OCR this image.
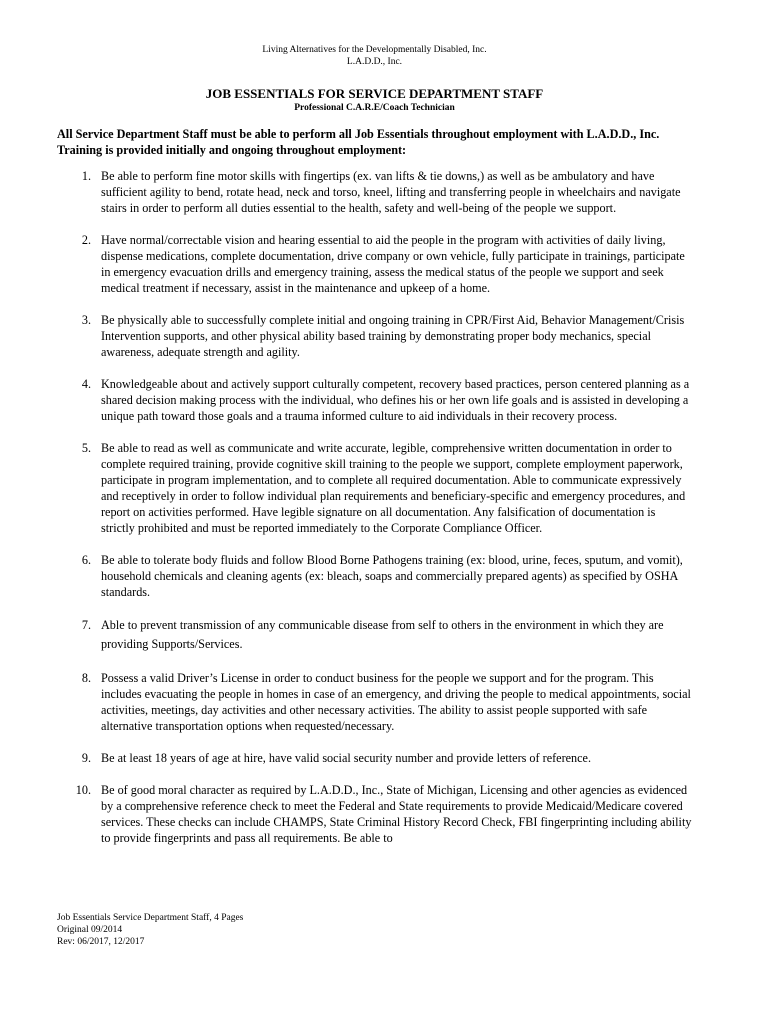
Living Alternatives for the Developmentally Disabled, Inc.
L.A.D.D., Inc.
JOB ESSENTIALS FOR SERVICE DEPARTMENT STAFF
Professional C.A.R.E/Coach Technician
All Service Department Staff must be able to perform all Job Essentials throughout employment with L.A.D.D., Inc. Training is provided initially and ongoing throughout employment:
1. Be able to perform fine motor skills with fingertips (ex. van lifts & tie downs,) as well as be ambulatory and have sufficient agility to bend, rotate head, neck and torso, kneel, lifting and transferring people in wheelchairs and navigate stairs in order to perform all duties essential to the health, safety and well-being of the people we support.
2. Have normal/correctable vision and hearing essential to aid the people in the program with activities of daily living, dispense medications, complete documentation, drive company or own vehicle, fully participate in trainings, participate in emergency evacuation drills and emergency training, assess the medical status of the people we support and seek medical treatment if necessary, assist in the maintenance and upkeep of a home.
3. Be physically able to successfully complete initial and ongoing training in CPR/First Aid, Behavior Management/Crisis Intervention supports, and other physical ability based training by demonstrating proper body mechanics, special awareness, adequate strength and agility.
4. Knowledgeable about and actively support culturally competent, recovery based practices, person centered planning as a shared decision making process with the individual, who defines his or her own life goals and is assisted in developing a unique path toward those goals and a trauma informed culture to aid individuals in their recovery process.
5. Be able to read as well as communicate and write accurate, legible, comprehensive written documentation in order to complete required training, provide cognitive skill training to the people we support, complete employment paperwork, participate in program implementation, and to complete all required documentation. Able to communicate expressively and receptively in order to follow individual plan requirements and beneficiary-specific and emergency procedures, and report on activities performed. Have legible signature on all documentation. Any falsification of documentation is strictly prohibited and must be reported immediately to the Corporate Compliance Officer.
6. Be able to tolerate body fluids and follow Blood Borne Pathogens training (ex: blood, urine, feces, sputum, and vomit), household chemicals and cleaning agents (ex: bleach, soaps and commercially prepared agents) as specified by OSHA standards.
7. Able to prevent transmission of any communicable disease from self to others in the environment in which they are providing Supports/Services.
8. Possess a valid Driver’s License in order to conduct business for the people we support and for the program. This includes evacuating the people in homes in case of an emergency, and driving the people to medical appointments, social activities, meetings, day activities and other necessary activities. The ability to assist people supported with safe alternative transportation options when requested/necessary.
9. Be at least 18 years of age at hire, have valid social security number and provide letters of reference.
10. Be of good moral character as required by L.A.D.D., Inc., State of Michigan, Licensing and other agencies as evidenced by a comprehensive reference check to meet the Federal and State requirements to provide Medicaid/Medicare covered services. These checks can include CHAMPS, State Criminal History Record Check, FBI fingerprinting including ability to provide fingerprints and pass all requirements. Be able to
Job Essentials Service Department Staff, 4 Pages
Original 09/2014
Rev: 06/2017, 12/2017
